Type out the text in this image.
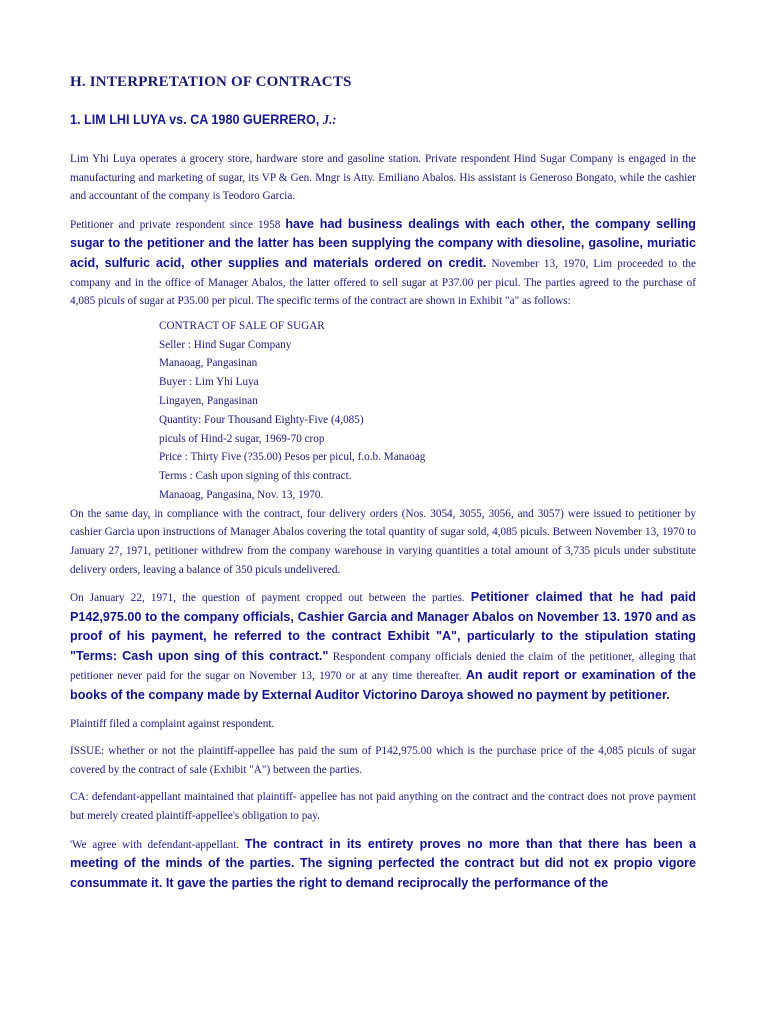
H. INTERPRETATION OF CONTRACTS
1. LIM LHI LUYA vs. CA 1980 GUERRERO, J.:

Lim Yhi Luya operates a grocery store, hardware store and gasoline station. Private respondent Hind Sugar Company is engaged in the manufacturing and marketing of sugar, its VP & Gen. Mngr is Atty. Emiliano Abalos. His assistant is Generoso Bongato, while the cashier and accountant of the company is Teodoro Garcia.

Petitioner and private respondent since 1958 have had business dealings with each other, the company selling sugar to the petitioner and the latter has been supplying the company with diesoline, gasoline, muriatic acid, sulfuric acid, other supplies and materials ordered on credit. November 13, 1970, Lim proceeded to the company and in the office of Manager Abalos, the latter offered to sell sugar at P37.00 per picul. The parties agreed to the purchase of 4,085 piculs of sugar at P35.00 per picul. The specific terms of the contract are shown in Exhibit "a" as follows:

CONTRACT OF SALE OF SUGAR
Seller : Hind Sugar Company
Manaoag, Pangasinan
Buyer : Lim Yhi Luya
Lingayen, Pangasinan
Quantity: Four Thousand Eighty-Five (4,085)
piculs of Hind-2 sugar, 1969-70 crop
Price : Thirty Five (?35.00) Pesos per picul, f.o.b. Manaoag
Terms : Cash upon signing of this contract.
Manaoag, Pangasina, Nov. 13, 1970.

On the same day, in compliance with the contract, four delivery orders (Nos. 3054, 3055, 3056, and 3057) were issued to petitioner by cashier Garcia upon instructions of Manager Abalos covering the total quantity of sugar sold, 4,085 piculs. Between November 13, 1970 to January 27, 1971, petitioner withdrew from the company warehouse in varying quantities a total amount of 3,735 piculs under substitute delivery orders, leaving a balance of 350 piculs undelivered.

On January 22, 1971, the question of payment cropped out between the parties. Petitioner claimed that he had paid P142,975.00 to the company officials, Cashier Garcia and Manager Abalos on November 13. 1970 and as proof of his payment, he referred to the contract Exhibit "A", particularly to the stipulation stating "Terms: Cash upon sing of this contract." Respondent company officials denied the claim of the petitioner, alleging that petitioner never paid for the sugar on November 13, 1970 or at any time thereafter. An audit report or examination of the books of the company made by External Auditor Victorino Daroya showed no payment by petitioner.

Plaintiff filed a complaint against respondent.

ISSUE: whether or not the plaintiff-appellee has paid the sum of P142,975.00 which is the purchase price of the 4,085 piculs of sugar covered by the contract of sale (Exhibit "A") between the parties.

CA: defendant-appellant maintained that plaintiff- appellee has not paid anything on the contract and the contract does not prove payment but merely created plaintiff-appellee's obligation to pay.

'We agree with defendant-appellant. The contract in its entirety proves no more than that there has been a meeting of the minds of the parties. The signing perfected the contract but did not ex propio vigore consummate it. It gave the parties the right to demand reciprocally the performance of the
